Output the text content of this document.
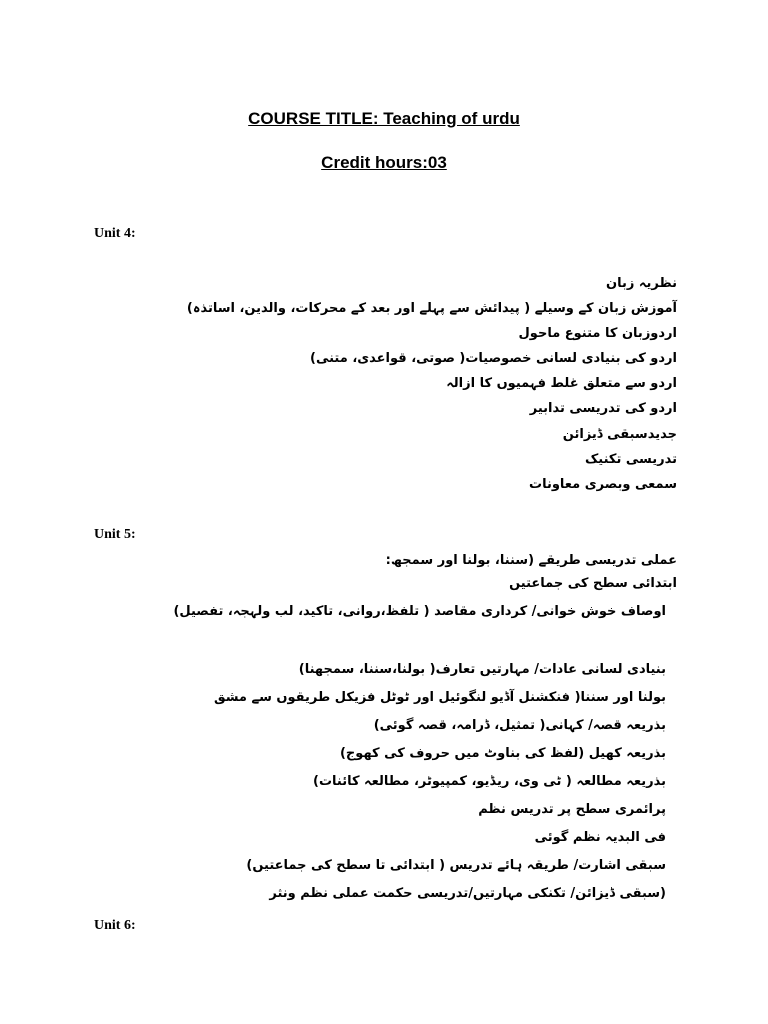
COURSE TITLE: Teaching of urdu
Credit hours:03
Unit 4:
نظریہ زبان
آموزش زبان کے وسیلے ( پیدائش سے پہلے اور بعد کے محرکات، والدین، اساتذہ)
اردوزبان کا متنوع ماحول
اردو کی بنیادی لسانی خصوصیات( صوتی، قواعدی، متنی)
اردو سے متعلق غلط فہمیوں کا ازالہ
اردو کی تدریسی تدابیر
جدیدسبقی ڈیزائن
تدریسی تکنیک
سمعی وبصری معاونات
Unit 5:
عملی تدریسی طریقے (سننا، بولنا اور سمجھ:
ابتدائی سطح کی جماعتیں
اوصاف خوش خوانی/ کرداری مقاصد ( تلفظ،روانی، تاکید، لب ولہجہ، تفصیل)
بنیادی لسانی عادات/ مہارتیں تعارف( بولنا،سننا، سمجھنا)
بولنا اور سننا( فنکشنل آڈیو لنگوئیل اور ٹوٹل فزیکل طریقوں سے مشق
بذریعہ قصہ/ کہانی( تمثیل، ڈرامہ، قصہ گوئی)
بذریعہ کھیل (لفظ کی بناوٹ میں حروف کی کھوج)
بذریعہ مطالعہ ( ٹی وی، ریڈیو، کمپیوٹر، مطالعہ کائنات)
پرائمری سطح پر تدریس نظم
فی البدیہ نظم گوئی
سبقی اشارت/ طریقہ ہائے تدریس ( ابتدائی تا سطح کی جماعتیں)
(سبقی ڈیزائن/ تکنکی مہارتیں/تدریسی حکمت عملی نظم ونثر
Unit 6:
